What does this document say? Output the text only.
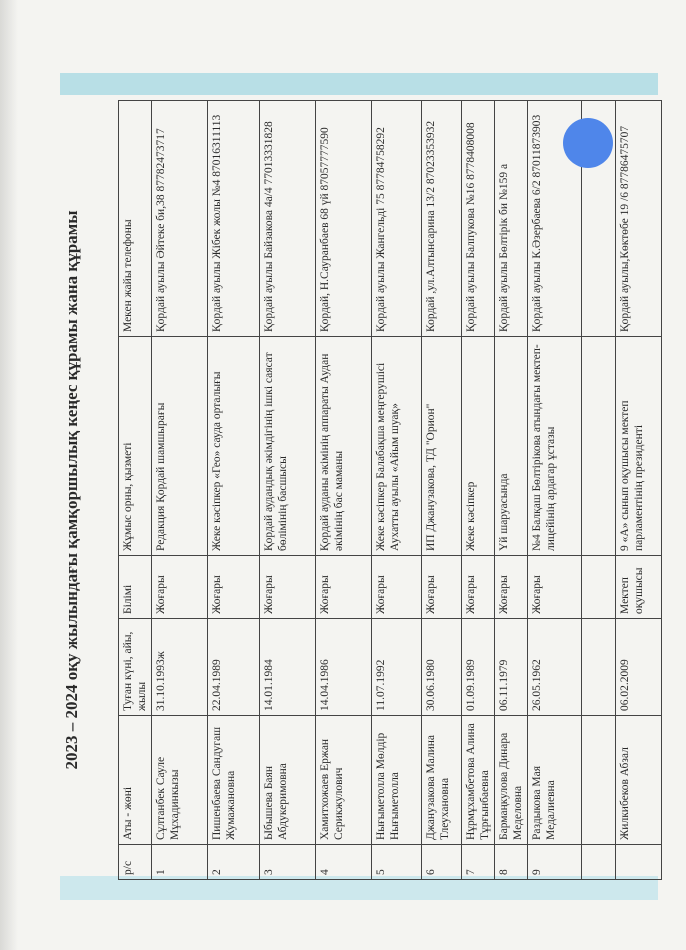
2023 – 2024 оқу жылындағы қамқоршылық кеңес құрамы жана құрамы
р/с	Аты - жөні	Туған күні, айы, жылы	Білімі	Жұмыс орны, қызметі	Мекен жайы телефоны
1	Сұлтанбек Сауле Мұхадинкызы	31.10.1993ж	Жоғары	Редакция Қордай шамшырағы	Қордай ауылы Әйтеке би,38 87782473717
2	Пишенбаева Сандугаш Жумажановна	22.04.1989	Жоғары	Жеке кәсіпкер «Гео» сауда орталығы	Қордай ауылы Жібек жолы №4 87016311113
3	Ыбышева Баян Абдукеримовна	14.01.1984	Жоғары	Қордай аудандық әкімдігінің ішкі саясат бөлімінің басшысы	Қордай ауылы Байзакова 4а/4 77013331828
4	Хамитхожаев Ержан Серикжулович	14.04.1986	Жоғары	Қордай ауданы әкімінің аппараты Аудан әкімінің бас маманы	Қордай, Н.Сауранбаев 68 үй 87057777590
5	Нығыметолла Мөлдір Нығыметолла	11.07.1992	Жоғары	Жеке кәсіпкер Балабақша меңгерушісі Аухатты ауылы «Айым шуақ»	Қордай ауылы Жангельді 75 87784758292
6	Джанузакова Малина Тлеухановна	30.06.1980	Жоғары	ИП Джанузакова, ТД "Орион"	Кордай ,ул.Алтынсарина 13/2 87023353932
7	Нұрмұхамбетова Алина Тұрғынбаевна	01.09.1989	Жоғары	Жеке кәсіпкер	Қордай ауылы Балпукова №16 8778408008
8	Бармаңкулова Динара Меделовна	06.11.1979	Жоғары	Үй шаруасында	Қордай ауылы Бөлтірік би №159 а
9	Раздыкова Мая Медалиевна	26.05.1962	Жоғары	№4 Балқаш Бөлтірікова атындағы мектеп-лицейінің ардагар ұстазы	Қордай ауылы К.Әзербаева 6/2 87011873903

	Жилкибеков Абзал	06.02.2009	Мектеп оқушысы	9 «А» сынып оқушысы мектеп парламентінің президенті	Қордай ауылы,Көктөбе 19 /6 87786475707
